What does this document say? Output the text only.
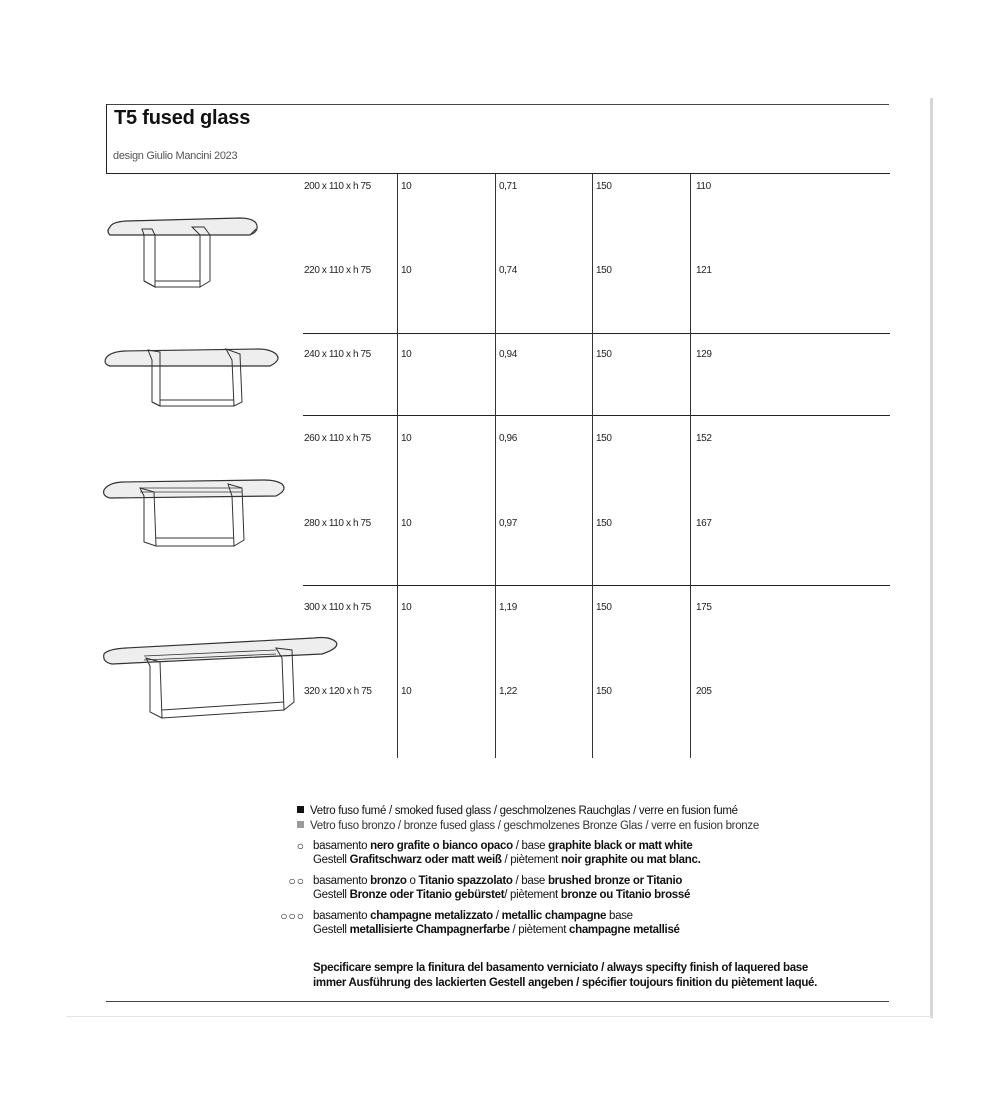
T5 fused glass
design Giulio Mancini 2023
200 x 110 x h 75	10	0,71	150	110
220 x 110 x h 75	10	0,74	150	121
240 x 110 x h 75	10	0,94	150	129
260 x 110 x h 75	10	0,96	150	152
280 x 110 x h 75	10	0,97	150	167
300 x 110 x h 75	10	1,19	150	175
320 x 120 x h 75	10	1,22	150	205
Vetro fuso fumé / smoked fused glass / geschmolzenes Rauchglas / verre en fusion fumé
Vetro fuso bronzo / bronze fused glass / geschmolzenes Bronze Glas / verre en fusion bronze
○ basamento nero grafite o bianco opaco / base graphite black or matt white
Gestell Grafitschwarz oder matt weiß / piètement noir graphite ou mat blanc.
○○ basamento bronzo o Titanio spazzolato / base brushed bronze or Titanio
Gestell Bronze oder Titanio gebürstet/ piètement bronze ou Titanio brossé
○○○ basamento champagne metalizzato / metallic champagne base
Gestell metallisierte Champagnerfarbe / piètement champagne metallisé
Specificare sempre la finitura del basamento verniciato / always specifty finish of laquered base
immer Ausführung des lackierten Gestell angeben / spécifier toujours finition du piètement laqué.
